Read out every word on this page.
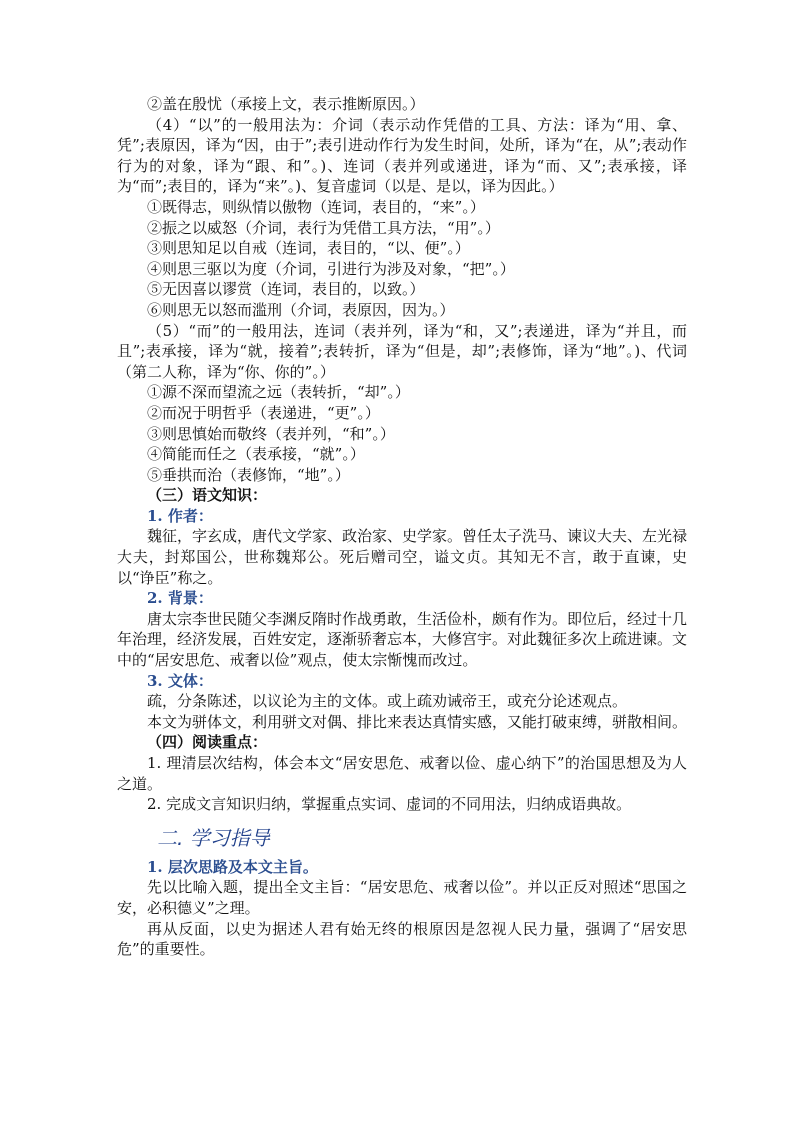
②盖在殷忧（承接上文，表示推断原因。）

（4）“以”的一般用法为：介词（表示动作凭借的工具、方法：译为“用、拿、凭”;表原因，译为“因，由于”;表引进动作行为发生时间，处所，译为“在，从”;表动作行为的对象，译为“跟、和”。)、连词（表并列或递进，译为“而、又”;表承接，译为“而”;表目的，译为“来”。)、复音虚词（以是、是以，译为因此。）

①既得志，则纵情以傲物（连词，表目的，“来”。）

②振之以威怒（介词，表行为凭借工具方法，“用”。）

③则思知足以自戒（连词，表目的，“以、便”。）

④则思三驱以为度（介词，引进行为涉及对象，“把”。）

⑤无因喜以谬赏（连词，表目的，以致。）

⑥则思无以怒而滥刑（介词，表原因，因为。）

（5）“而”的一般用法，连词（表并列，译为“和，又”;表递进，译为“并且，而且”;表承接，译为“就，接着”;表转折，译为“但是，却”;表修饰，译为“地”。)、代词（第二人称，译为“你、你的”。）

①源不深而望流之远（表转折，“却”。）

②而况于明哲乎（表递进，“更”。）

③则思慎始而敬终（表并列，“和”。）

④简能而任之（表承接，“就”。）

⑤垂拱而治（表修饰，“地”。）

（三）语文知识：

1. 作者：

魏征，字玄成，唐代文学家、政治家、史学家。曾任太子洗马、谏议大夫、左光禄大夫，封郑国公，世称魏郑公。死后赠司空，谥文贞。其知无不言，敢于直谏，史以“诤臣”称之。

2. 背景：

唐太宗李世民随父李渊反隋时作战勇敢，生活俭朴，颇有作为。即位后，经过十几年治理，经济发展，百姓安定，逐渐骄奢忘本，大修宫宇。对此魏征多次上疏进谏。文中的“居安思危、戒奢以俭”观点，使太宗惭愧而改过。

3. 文体：

疏，分条陈述，以议论为主的文体。或上疏劝诫帝王，或充分论述观点。

本文为骈体文，利用骈文对偶、排比来表达真情实感，又能打破束缚，骈散相间。

（四）阅读重点：

1. 理清层次结构，体会本文“居安思危、戒奢以俭、虚心纳下”的治国思想及为人之道。

2. 完成文言知识归纳，掌握重点实词、虚词的不同用法，归纳成语典故。

二. 学习指导

1. 层次思路及本文主旨。

先以比喻入题，提出全文主旨：“居安思危、戒奢以俭”。并以正反对照述“思国之安，必积德义”之理。

再从反面，以史为据述人君有始无终的根原因是忽视人民力量，强调了“居安思危”的重要性。
